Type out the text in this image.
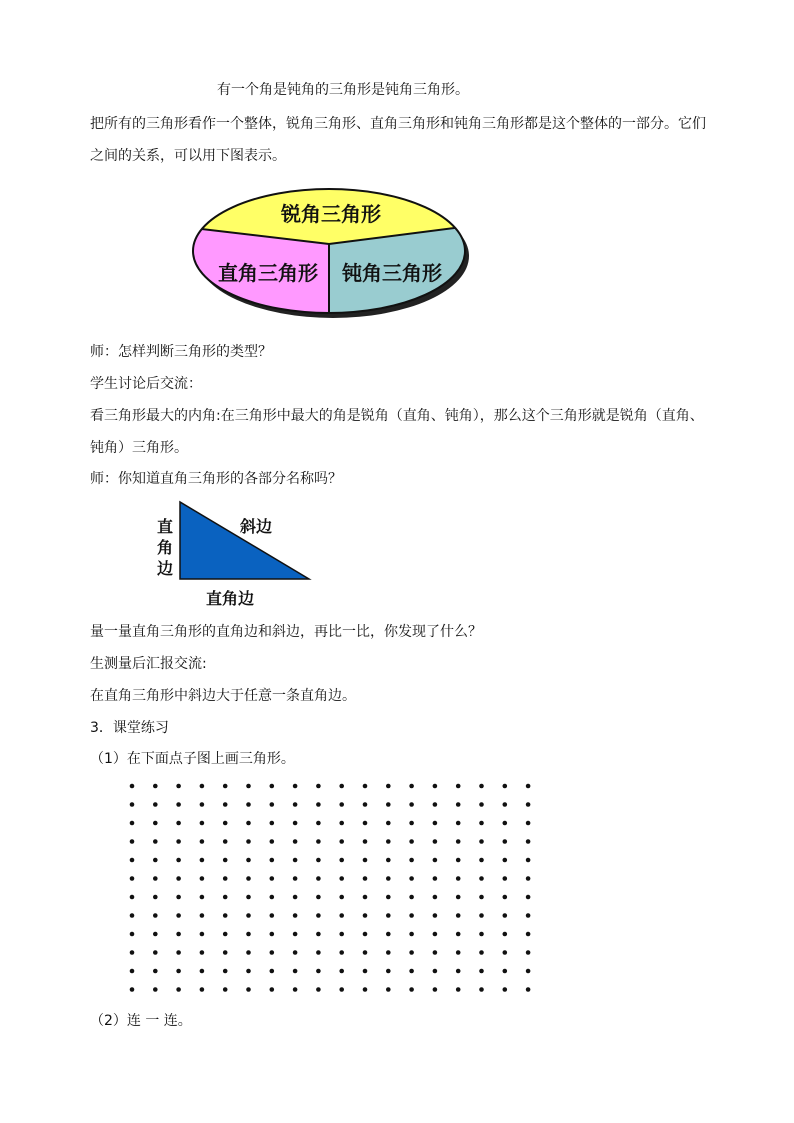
有一个角是钝角的三角形是钝角三角形。
把所有的三角形看作一个整体，锐角三角形、直角三角形和钝角三角形都是这个整体的一部分。它们
之间的关系，可以用下图表示。
锐角三角形
直角三角形 钝角三角形
师：怎样判断三角形的类型？
学生讨论后交流：
看三角形最大的内角:在三角形中最大的角是锐角（直角、钝角），那么这个三角形就是锐角（直角、
钝角）三角形。
师：你知道直角三角形的各部分名称吗？
直
角
边
斜边
直角边
量一量直角三角形的直角边和斜边，再比一比，你发现了什么？
生测量后汇报交流:
在直角三角形中斜边大于任意一条直角边。
3．课堂练习
（1）在下面点子图上画三角形。
（2）连 一 连。
